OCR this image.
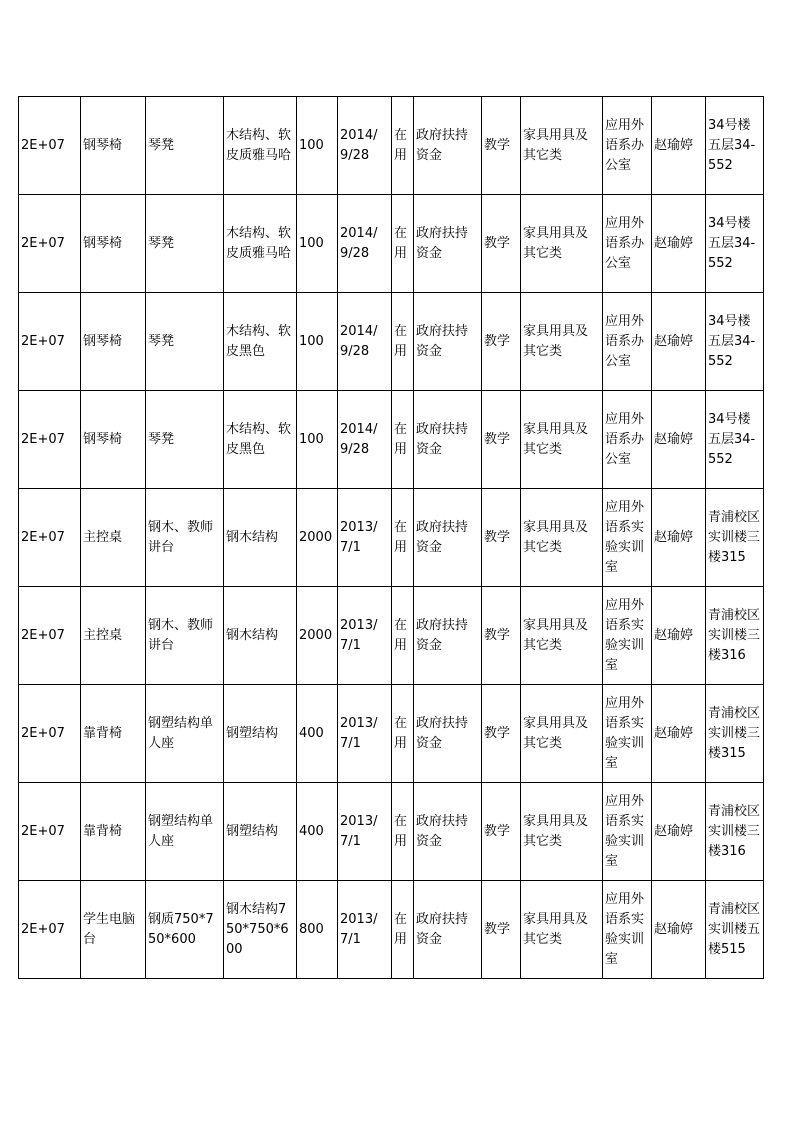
2E+07	钢琴椅	琴凳	木结构、软皮质雅马哈	100	2014/9/28	在用	政府扶持资金	教学	家具用具及其它类	应用外语系办公室	赵瑜婷	34号楼五层34-552
2E+07	钢琴椅	琴凳	木结构、软皮质雅马哈	100	2014/9/28	在用	政府扶持资金	教学	家具用具及其它类	应用外语系办公室	赵瑜婷	34号楼五层34-552
2E+07	钢琴椅	琴凳	木结构、软皮黑色	100	2014/9/28	在用	政府扶持资金	教学	家具用具及其它类	应用外语系办公室	赵瑜婷	34号楼五层34-552
2E+07	钢琴椅	琴凳	木结构、软皮黑色	100	2014/9/28	在用	政府扶持资金	教学	家具用具及其它类	应用外语系办公室	赵瑜婷	34号楼五层34-552
2E+07	主控桌	钢木、教师讲台	钢木结构	2000	2013/7/1	在用	政府扶持资金	教学	家具用具及其它类	应用外语系实验实训室	赵瑜婷	青浦校区实训楼三楼315
2E+07	主控桌	钢木、教师讲台	钢木结构	2000	2013/7/1	在用	政府扶持资金	教学	家具用具及其它类	应用外语系实验实训室	赵瑜婷	青浦校区实训楼三楼316
2E+07	靠背椅	钢塑结构单人座	钢塑结构	400	2013/7/1	在用	政府扶持资金	教学	家具用具及其它类	应用外语系实验实训室	赵瑜婷	青浦校区实训楼三楼315
2E+07	靠背椅	钢塑结构单人座	钢塑结构	400	2013/7/1	在用	政府扶持资金	教学	家具用具及其它类	应用外语系实验实训室	赵瑜婷	青浦校区实训楼三楼316
2E+07	学生电脑台	钢质750*750*600	钢木结构750*750*600	800	2013/7/1	在用	政府扶持资金	教学	家具用具及其它类	应用外语系实验实训室	赵瑜婷	青浦校区实训楼五楼515
